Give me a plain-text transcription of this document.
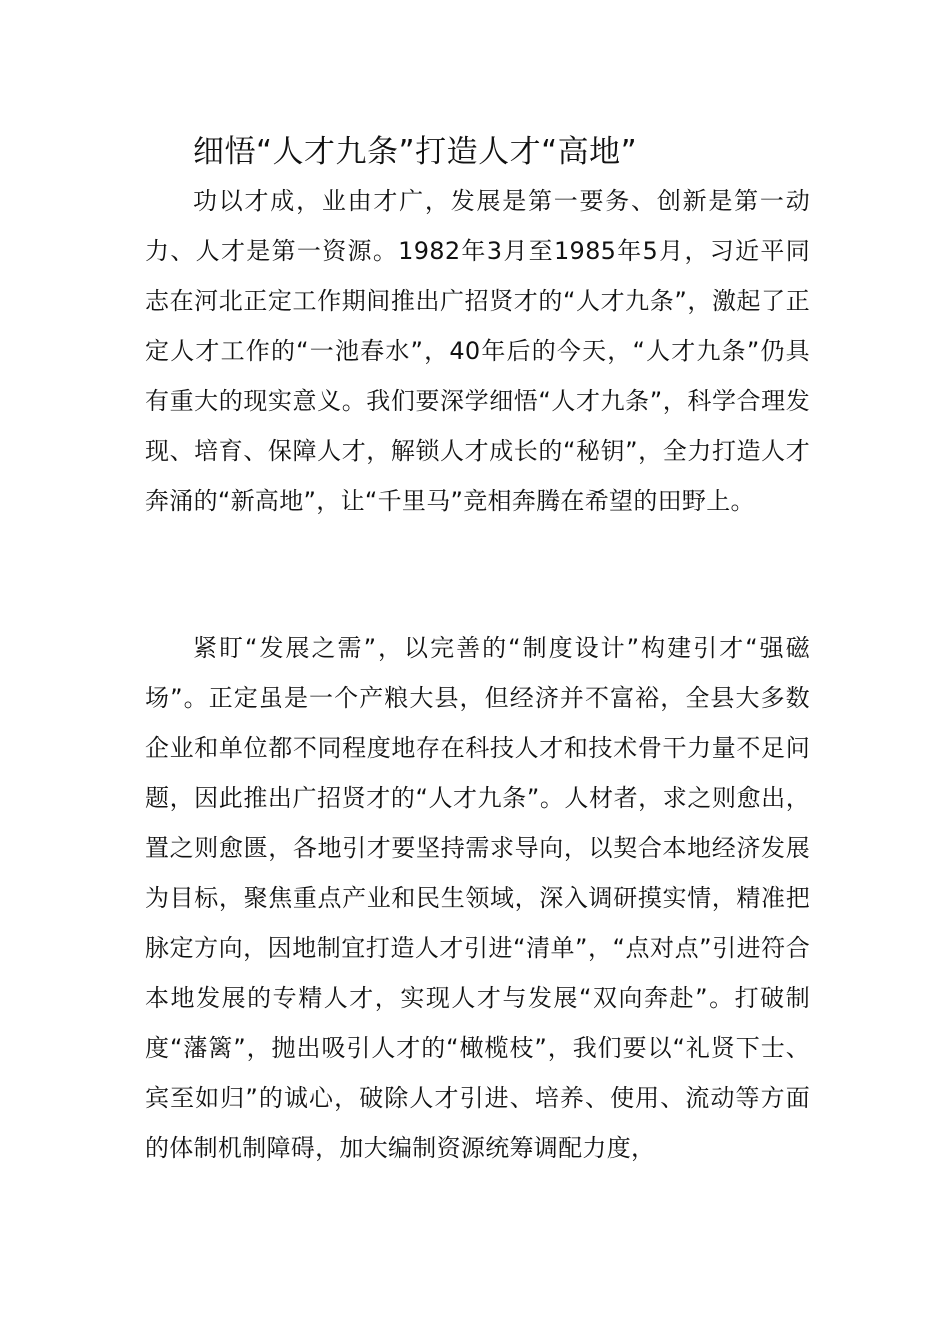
细悟“人才九条”打造人才“高地”

功以才成，业由才广，发展是第一要务、创新是第一动力、人才是第一资源。1982年3月至1985年5月，习近平同志在河北正定工作期间推出广招贤才的“人才九条”，激起了正定人才工作的“一池春水”，40年后的今天，“人才九条”仍具有重大的现实意义。我们要深学细悟“人才九条”，科学合理发现、培育、保障人才，解锁人才成长的“秘钥”，全力打造人才奔涌的“新高地”，让“千里马”竞相奔腾在希望的田野上。

紧盯“发展之需”，以完善的“制度设计”构建引才“强磁场”。正定虽是一个产粮大县，但经济并不富裕，全县大多数企业和单位都不同程度地存在科技人才和技术骨干力量不足问题，因此推出广招贤才的“人才九条”。人材者，求之则愈出，置之则愈匮，各地引才要坚持需求导向，以契合本地经济发展为目标，聚焦重点产业和民生领域，深入调研摸实情，精准把脉定方向，因地制宜打造人才引进“清单”，“点对点”引进符合本地发展的专精人才，实现人才与发展“双向奔赴”。打破制度“藩篱”，抛出吸引人才的“橄榄枝”，我们要以“礼贤下士、宾至如归”的诚心，破除人才引进、培养、使用、流动等方面的体制机制障碍，加大编制资源统筹调配力度，
